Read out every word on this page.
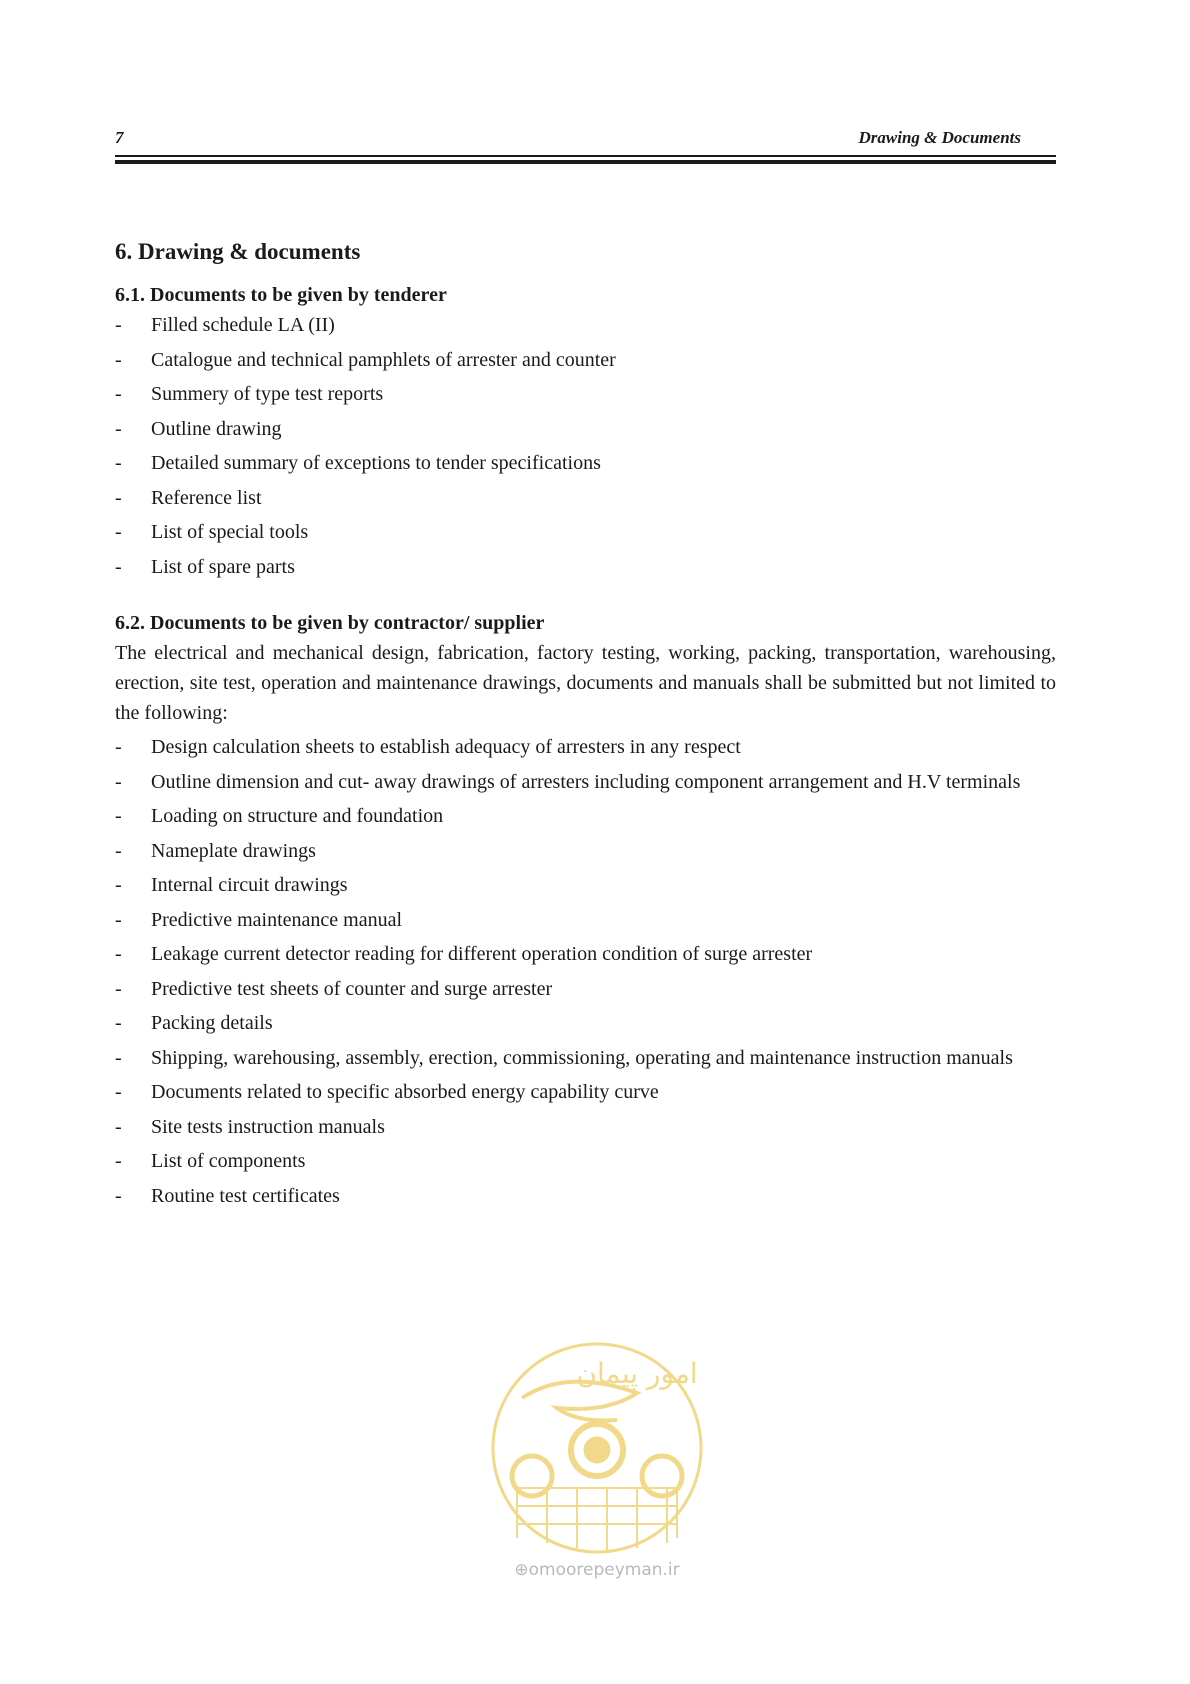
7	Drawing & Documents
6. Drawing & documents
6.1. Documents to be given by tenderer
- Filled schedule LA (II)
- Catalogue and technical pamphlets of arrester and counter
- Summery of type test reports
- Outline drawing
- Detailed summary of exceptions to tender specifications
- Reference list
- List of special tools
- List of spare parts
6.2. Documents to be given by contractor/ supplier

The electrical and mechanical design, fabrication, factory testing, working, packing, transportation, warehousing, erection, site test, operation and maintenance drawings, documents and manuals shall be submitted but not limited to the following:

- Design calculation sheets to establish adequacy of arresters in any respect
- Outline dimension and cut- away drawings of arresters including component arrangement and H.V terminals
- Loading on structure and foundation
- Nameplate drawings
- Internal circuit drawings
- Predictive maintenance manual
- Leakage current detector reading for different operation condition of surge arrester
- Predictive test sheets of counter and surge arrester
- Packing details
- Shipping, warehousing, assembly, erection, commissioning, operating and maintenance instruction manuals
- Documents related to specific absorbed energy capability curve
- Site tests instruction manuals
- List of components
- Routine test certificates
امور پیمان
⊕omoorepeyman.ir
